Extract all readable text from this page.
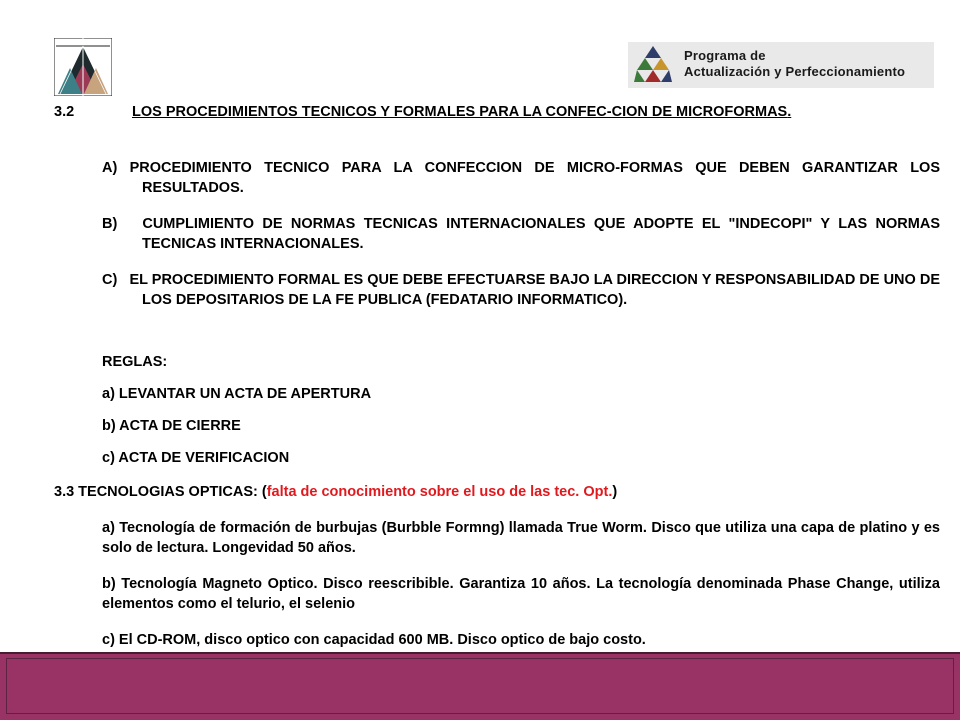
Programa de
Actualización y Perfeccionamiento
3.2	LOS PROCEDIMIENTOS TECNICOS Y FORMALES PARA LA CONFEC-CION DE MICROFORMAS.
A) PROCEDIMIENTO TECNICO PARA LA CONFECCION DE MICRO-FORMAS QUE DEBEN GARANTIZAR LOS RESULTADOS.
B)   CUMPLIMIENTO DE NORMAS TECNICAS INTERNACIONALES QUE ADOPTE EL "INDECOPI" Y LAS NORMAS TECNICAS INTERNACIONALES.
C)   EL PROCEDIMIENTO FORMAL ES QUE DEBE EFECTUARSE BAJO LA DIRECCION Y RESPONSABILIDAD DE UNO DE LOS DEPOSITARIOS DE LA FE PUBLICA (FEDATARIO INFORMATICO).
REGLAS:
a) LEVANTAR UN ACTA DE APERTURA
b) ACTA DE CIERRE
c) ACTA DE VERIFICACION
3.3 TECNOLOGIAS OPTICAS: (falta de conocimiento sobre el uso de las tec. Opt.)
a) Tecnología de formación de burbujas (Burbble Formng) llamada True Worm. Disco que utiliza una capa de platino y es solo de lectura. Longevidad 50 años.
b) Tecnología Magneto Optico. Disco reescribible. Garantiza 10 años. La tecnología denominada Phase Change, utiliza elementos como el telurio, el selenio
c) El CD-ROM, disco optico con capacidad 600 MB. Disco optico de bajo costo.
